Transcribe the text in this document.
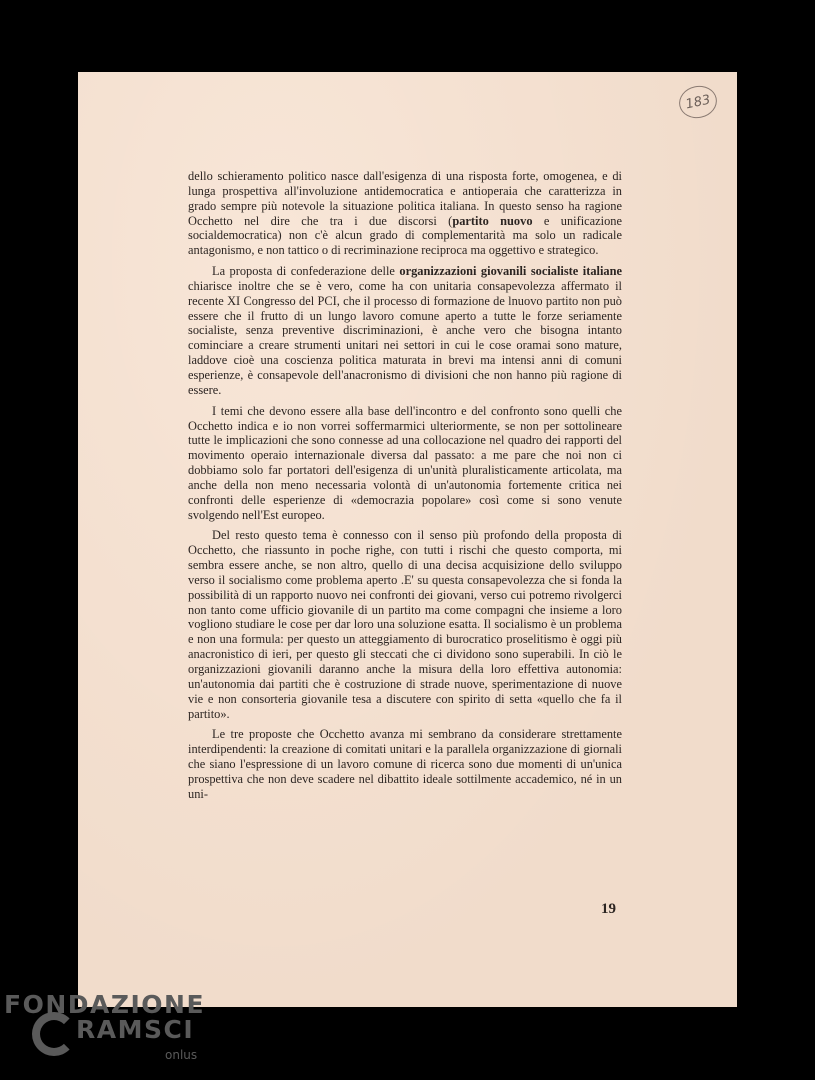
183

dello schieramento politico nasce dall'esigenza di una risposta forte, omogenea, e di lunga prospettiva all'involuzione antidemocratica e antioperaia che caratterizza in grado sempre più notevole la situazione politica italiana. In questo senso ha ragione Occhetto nel dire che tra i due discorsi (partito nuovo e unificazione socialdemocratica) non c'è alcun grado di complementarità ma solo un radicale antagonismo, e non tattico o di recriminazione reciproca ma oggettivo e strategico.

La proposta di confederazione delle organizzazioni giovanili socialiste italiane chiarisce inoltre che se è vero, come ha con unitaria consapevolezza affermato il recente XI Congresso del PCI, che il processo di formazione de lnuovo partito non può essere che il frutto di un lungo lavoro comune aperto a tutte le forze seriamente socialiste, senza preventive discriminazioni, è anche vero che bisogna intanto cominciare a creare strumenti unitari nei settori in cui le cose oramai sono mature, laddove cioè una coscienza politica maturata in brevi ma intensi anni di comuni esperienze, è consapevole dell'anacronismo di divisioni che non hanno più ragione di essere.

I temi che devono essere alla base dell'incontro e del confronto sono quelli che Occhetto indica e io non vorrei soffermarmici ulteriormente, se non per sottolineare tutte le implicazioni che sono connesse ad una collocazione nel quadro dei rapporti del movimento operaio internazionale diversa dal passato: a me pare che noi non ci dobbiamo solo far portatori dell'esigenza di un'unità pluralisticamente articolata, ma anche della non meno necessaria volontà di un'autonomia fortemente critica nei confronti delle esperienze di «democrazia popolare» così come si sono venute svolgendo nell'Est europeo.

Del resto questo tema è connesso con il senso più profondo della proposta di Occhetto, che riassunto in poche righe, con tutti i rischi che questo comporta, mi sembra essere anche, se non altro, quello di una decisa acquisizione dello sviluppo verso il socialismo come problema aperto .E' su questa consapevolezza che si fonda la possibilità di un rapporto nuovo nei confronti dei giovani, verso cui potremo rivolgerci non tanto come ufficio giovanile di un partito ma come compagni che insieme a loro vogliono studiare le cose per dar loro una soluzione esatta. Il socialismo è un problema e non una formula: per questo un atteggiamento di burocratico proselitismo è oggi più anacronistico di ieri, per questo gli steccati che ci dividono sono superabili. In ciò le organizzazioni giovanili daranno anche la misura della loro effettiva autonomia: un'autonomia dai partiti che è costruzione di strade nuove, sperimentazione di nuove vie e non consorteria giovanile tesa a discutere con spirito di setta «quello che fa il partito».

Le tre proposte che Occhetto avanza mi sembrano da considerare strettamente interdipendenti: la creazione di comitati unitari e la parallela organizzazione di giornali che siano l'espressione di un lavoro comune di ricerca sono due momenti di un'unica prospettiva che non deve scadere nel dibattito ideale sottilmente accademico, né in un uni-

19
FONDAZIONE
RAMSCI
onlus
